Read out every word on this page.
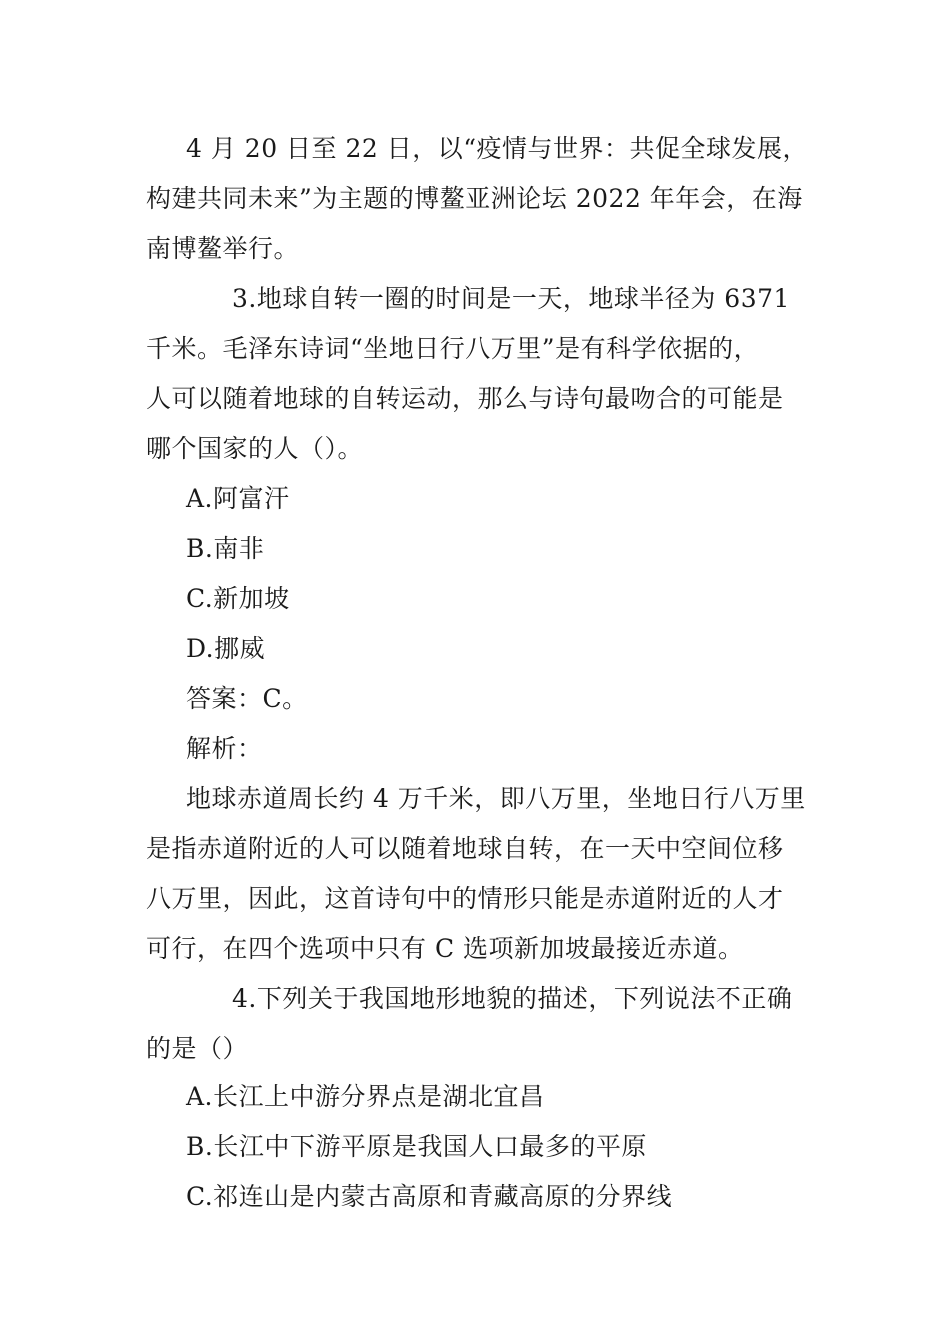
4 月 20 日至 22 日，以“疫情与世界：共促全球发展，
构建共同未来”为主题的博鳌亚洲论坛 2022 年年会，在海
南博鳌举行。
3.地球自转一圈的时间是一天，地球半径为 6371
千米。毛泽东诗词“坐地日行八万里”是有科学依据的，
人可以随着地球的自转运动，那么与诗句最吻合的可能是
哪个国家的人（）。
A.阿富汗
B.南非
C.新加坡
D.挪威
答案：C。
解析：
地球赤道周长约 4 万千米，即八万里，坐地日行八万里
是指赤道附近的人可以随着地球自转，在一天中空间位移
八万里，因此，这首诗句中的情形只能是赤道附近的人才
可行，在四个选项中只有 C 选项新加坡最接近赤道。
4.下列关于我国地形地貌的描述，下列说法不正确
的是（）
A.长江上中游分界点是湖北宜昌
B.长江中下游平原是我国人口最多的平原
C.祁连山是内蒙古高原和青藏高原的分界线
